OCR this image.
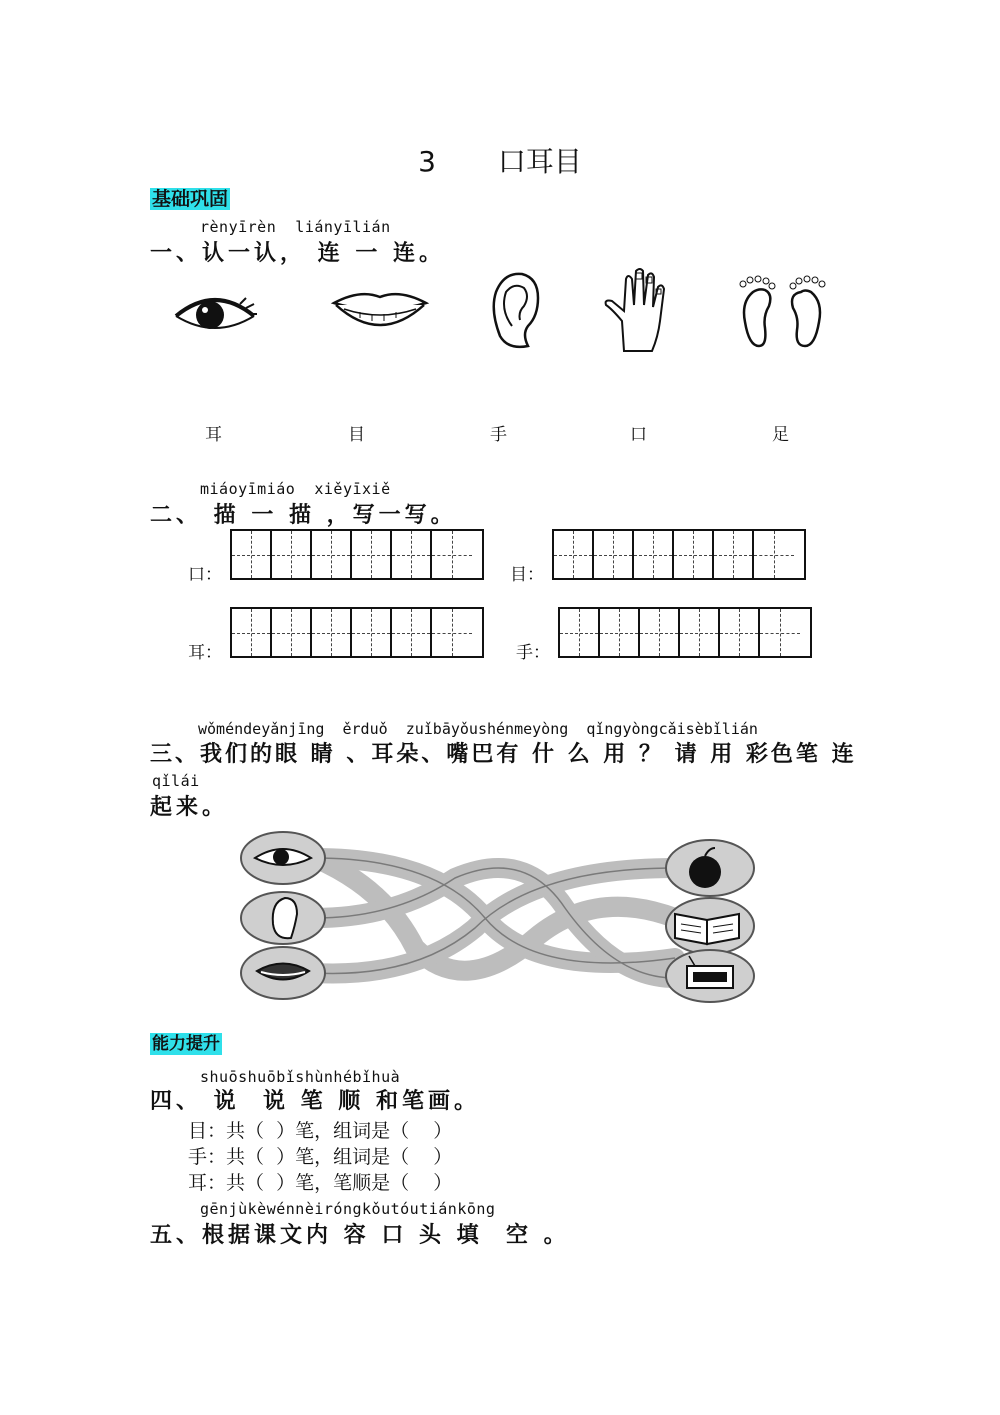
3 口耳目
基础巩固
rènyīrèn  liányīlián
一、认一认， 连 一 连。
耳	目	手	口	足
miáoyīmiáo  xiěyīxiě
二、 描 一 描 ，写一写。
口：	目：
耳：	手：
wǒméndeyǎnjīng  ěrduǒ  zuǐbāyǒushénmeyòng  qǐngyòngcǎisèbǐlián
三、我们的眼 睛 、耳朵、嘴巴有 什 么 用 ？ 请 用 彩色笔 连
qǐlái
起来。
能力提升
shuōshuōbǐshùnhébǐhuà
四、 说  说 笔 顺 和笔画。
目：共（  ）笔，组词是（    ）
手：共（  ）笔，组词是（    ）
耳：共（  ）笔，笔顺是（    ）
gēnjùkèwénnèiróngkǒutóutiánkōng
五、根据课文内 容 口 头 填  空 。
